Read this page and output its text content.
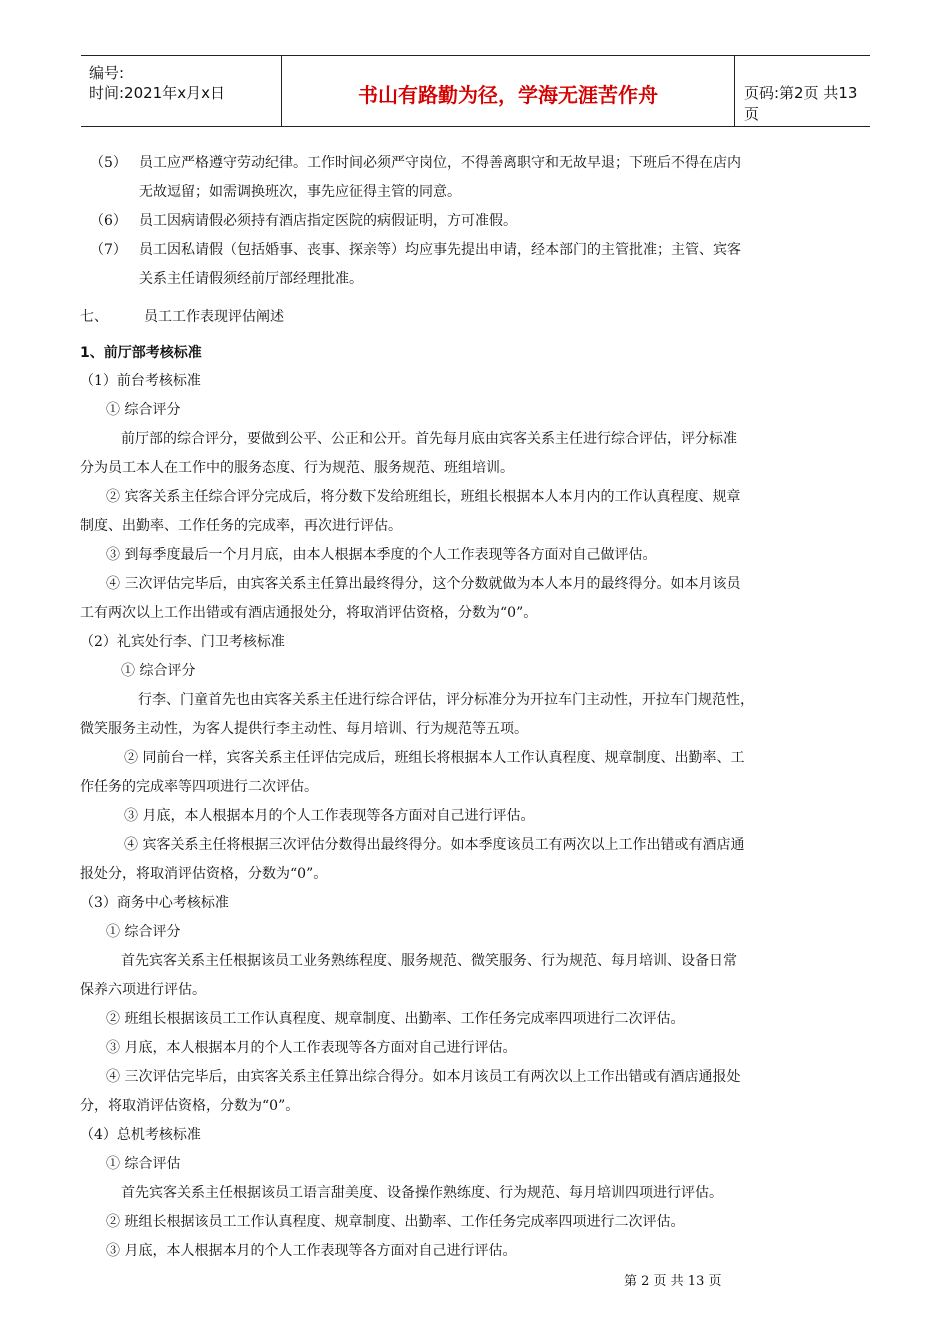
编号:
时间:2021年x月x日	书山有路勤为径，学海无涯苦作舟	页码:第2页 共13页
（5） 员工应严格遵守劳动纪律。工作时间必须严守岗位，不得善离职守和无故早退；下班后不得在店内
无故逗留；如需调换班次，事先应征得主管的同意。
（6） 员工因病请假必须持有酒店指定医院的病假证明，方可准假。
（7） 员工因私请假（包括婚事、丧事、探亲等）均应事先提出申请，经本部门的主管批准；主管、宾客
关系主任请假须经前厅部经理批准。
七、	员工工作表现评估阐述
1、前厅部考核标准
（1）前台考核标准
① 综合评分
前厅部的综合评分，要做到公平、公正和公开。首先每月底由宾客关系主任进行综合评估，评分标准
分为员工本人在工作中的服务态度、行为规范、服务规范、班组培训。
② 宾客关系主任综合评分完成后，将分数下发给班组长，班组长根据本人本月内的工作认真程度、规章
制度、出勤率、工作任务的完成率，再次进行评估。
③ 到每季度最后一个月月底，由本人根据本季度的个人工作表现等各方面对自己做评估。
④ 三次评估完毕后，由宾客关系主任算出最终得分，这个分数就做为本人本月的最终得分。如本月该员
工有两次以上工作出错或有酒店通报处分，将取消评估资格，分数为“0”。
（2）礼宾处行李、门卫考核标准
① 综合评分
行李、门童首先也由宾客关系主任进行综合评估，评分标准分为开拉车门主动性，开拉车门规范性，
微笑服务主动性，为客人提供行李主动性、每月培训、行为规范等五项。
② 同前台一样，宾客关系主任评估完成后，班组长将根据本人工作认真程度、规章制度、出勤率、工
作任务的完成率等四项进行二次评估。
③ 月底，本人根据本月的个人工作表现等各方面对自己进行评估。
④ 宾客关系主任将根据三次评估分数得出最终得分。如本季度该员工有两次以上工作出错或有酒店通
报处分，将取消评估资格，分数为“0”。
（3）商务中心考核标准
① 综合评分
首先宾客关系主任根据该员工业务熟练程度、服务规范、微笑服务、行为规范、每月培训、设备日常
保养六项进行评估。
② 班组长根据该员工工作认真程度、规章制度、出勤率、工作任务完成率四项进行二次评估。
③ 月底，本人根据本月的个人工作表现等各方面对自己进行评估。
④ 三次评估完毕后，由宾客关系主任算出综合得分。如本月该员工有两次以上工作出错或有酒店通报处
分，将取消评估资格，分数为“0”。
（4）总机考核标准
① 综合评估
首先宾客关系主任根据该员工语言甜美度、设备操作熟练度、行为规范、每月培训四项进行评估。
② 班组长根据该员工工作认真程度、规章制度、出勤率、工作任务完成率四项进行二次评估。
③ 月底，本人根据本月的个人工作表现等各方面对自己进行评估。
第 2 页 共 13 页
